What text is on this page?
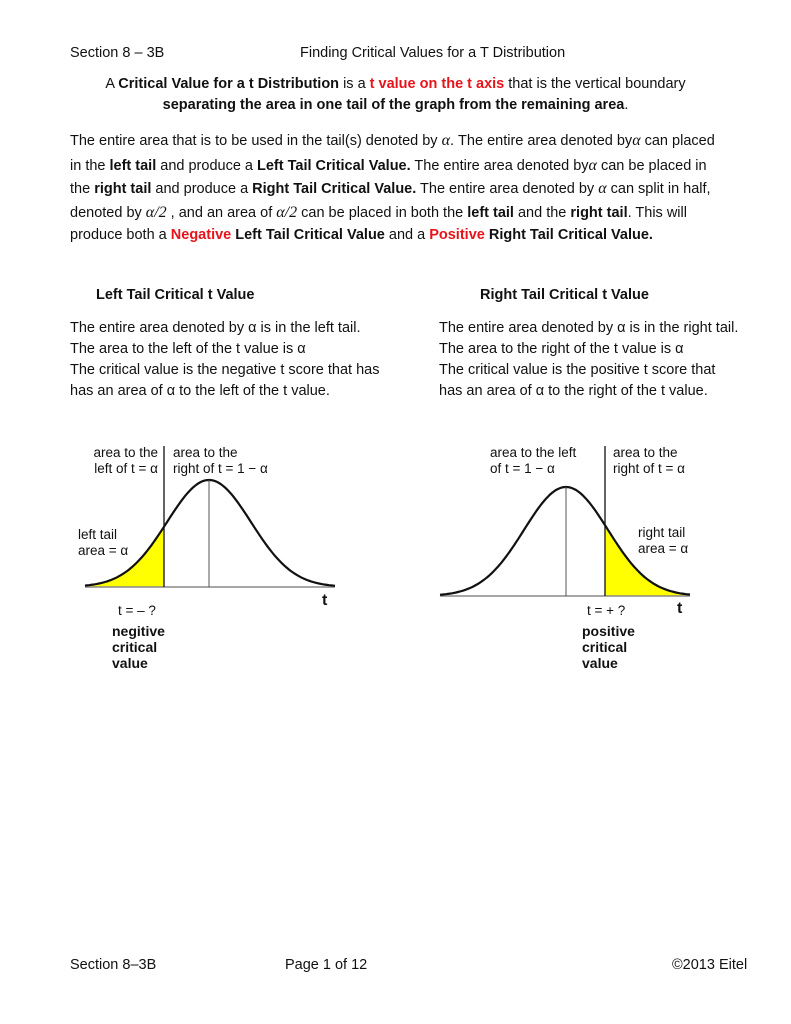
Section 8 – 3B	Finding Critical Values for a T Distribution
A Critical Value for a t Distribution is a t value on the t axis that is the vertical boundary
separating the area in one tail of the graph from the remaining area.
The entire area that is to be used in the tail(s) denoted by α. The entire area denoted byα can placed
in the left tail and produce a Left Tail Critical Value. The entire area denoted byα can be placed in
the right tail and produce a Right Tail Critical Value. The entire area denoted by α can split in half,
denoted by α/2 , and an area of α/2 can be placed in both the left tail and the right tail. This will
produce both a Negative Left Tail Critical Value and a Positive Right Tail Critical Value.
Left Tail Critical t Value	Right Tail Critical t Value
The entire area denoted by α is in the left tail.
The area to the left of the t value is α
The critical value is the negative t score that has
has an area of α to the left of the t value.
The entire area denoted by α is in the right tail.
The area to the right of the t value is α
The critical value is the positive t score that
has an area of α to the right of the t value.
area to the
left of t = α
area to the
right of t = 1 − α
left tail
area = α
t
t = – ?
negitive
critical
value
area to the left
of t = 1 − α
area to the
right of t = α
right tail
area = α
t
t = + ?
positive
critical
value
Section 8–3B	Page 1 of 12	©2013 Eitel
